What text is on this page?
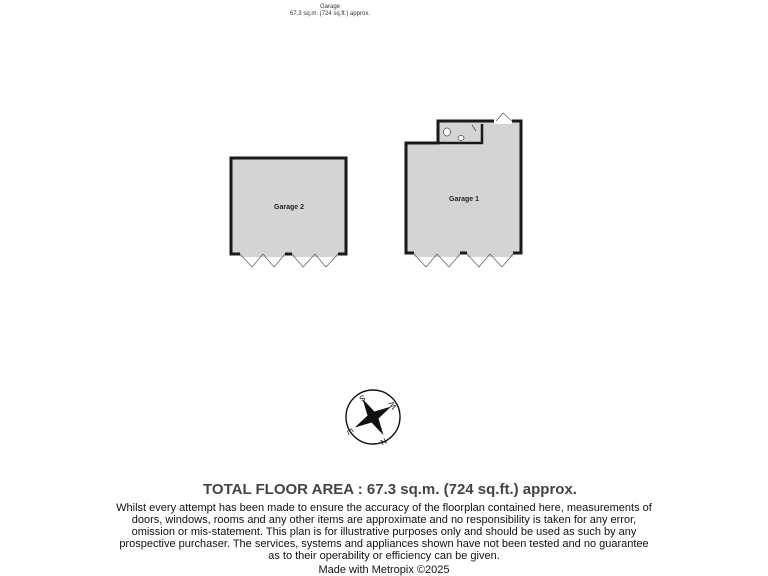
Garage
67.3 sq.m. (724 sq.ft.) approx.
Garage 2
Garage 1
S
W
N
E
TOTAL FLOOR AREA : 67.3 sq.m. (724 sq.ft.) approx.
Whilst every attempt has been made to ensure the accuracy of the floorplan contained here, measurements of doors, windows, rooms and any other items are approximate and no responsibility is taken for any error, omission or mis-statement. This plan is for illustrative purposes only and should be used as such by any prospective purchaser. The services, systems and appliances shown have not been tested and no guarantee as to their operability or efficiency can be given.
Made with Metropix ©2025
